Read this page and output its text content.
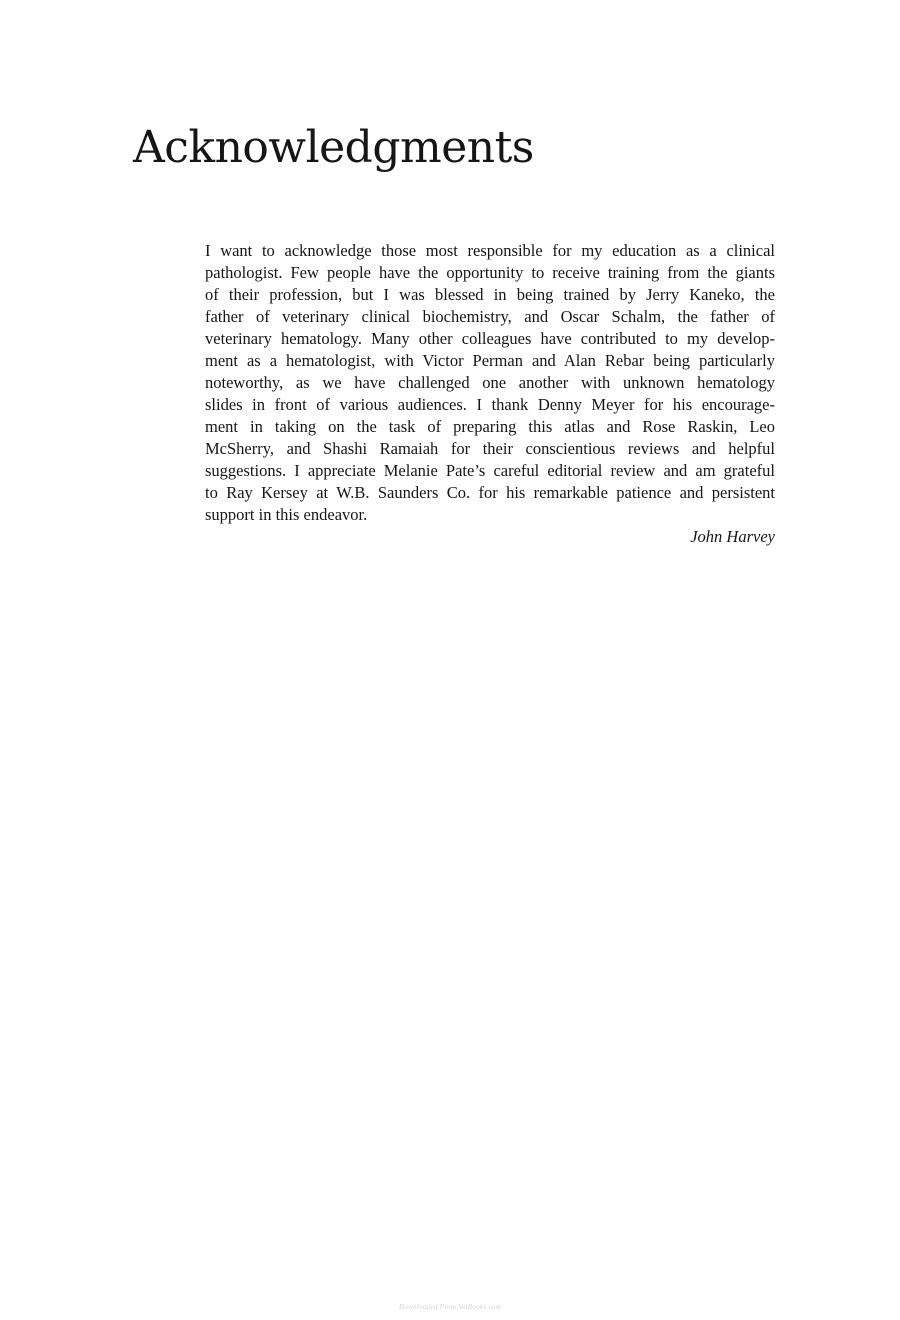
Acknowledgments
I want to acknowledge those most responsible for my education as a clinical
pathologist. Few people have the opportunity to receive training from the giants
of their profession, but I was blessed in being trained by Jerry Kaneko, the
father of veterinary clinical biochemistry, and Oscar Schalm, the father of
veterinary hematology. Many other colleagues have contributed to my develop-
ment as a hematologist, with Victor Perman and Alan Rebar being particularly
noteworthy, as we have challenged one another with unknown hematology
slides in front of various audiences. I thank Denny Meyer for his encourage-
ment in taking on the task of preparing this atlas and Rose Raskin, Leo
McSherry, and Shashi Ramaiah for their conscientious reviews and helpful
suggestions. I appreciate Melanie Pate’s careful editorial review and am grateful
to Ray Kersey at W.B. Saunders Co. for his remarkable patience and persistent
support in this endeavor.
John Harvey
Downloaded From VetBooks.com
